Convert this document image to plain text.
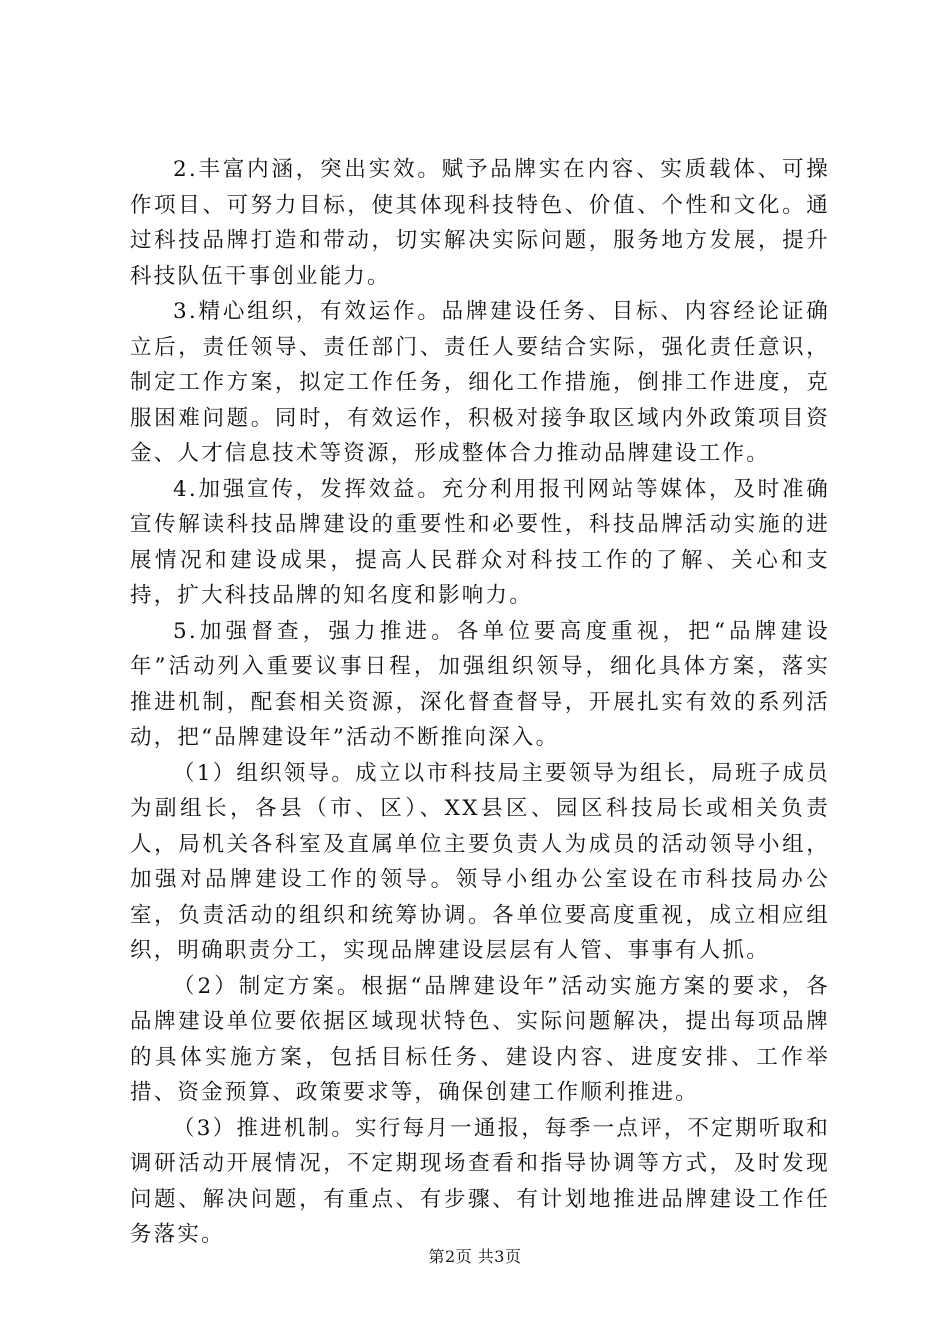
2.丰富内涵，突出实效。赋予品牌实在内容、实质载体、可操作项目、可努力目标，使其体现科技特色、价值、个性和文化。通过科技品牌打造和带动，切实解决实际问题，服务地方发展，提升科技队伍干事创业能力。

3.精心组织，有效运作。品牌建设任务、目标、内容经论证确立后，责任领导、责任部门、责任人要结合实际，强化责任意识，制定工作方案，拟定工作任务，细化工作措施，倒排工作进度，克服困难问题。同时，有效运作，积极对接争取区域内外政策项目资金、人才信息技术等资源，形成整体合力推动品牌建设工作。

4.加强宣传，发挥效益。充分利用报刊网站等媒体，及时准确宣传解读科技品牌建设的重要性和必要性，科技品牌活动实施的进展情况和建设成果，提高人民群众对科技工作的了解、关心和支持，扩大科技品牌的知名度和影响力。

5.加强督查，强力推进。各单位要高度重视，把“品牌建设年”活动列入重要议事日程，加强组织领导，细化具体方案，落实推进机制，配套相关资源，深化督查督导，开展扎实有效的系列活动，把“品牌建设年”活动不断推向深入。

（1）组织领导。成立以市科技局主要领导为组长，局班子成员为副组长，各县（市、区）、XX县区、园区科技局长或相关负责人，局机关各科室及直属单位主要负责人为成员的活动领导小组，加强对品牌建设工作的领导。领导小组办公室设在市科技局办公室，负责活动的组织和统筹协调。各单位要高度重视，成立相应组织，明确职责分工，实现品牌建设层层有人管、事事有人抓。

（2）制定方案。根据“品牌建设年”活动实施方案的要求，各品牌建设单位要依据区域现状特色、实际问题解决，提出每项品牌的具体实施方案，包括目标任务、建设内容、进度安排、工作举措、资金预算、政策要求等，确保创建工作顺利推进。

（3）推进机制。实行每月一通报，每季一点评，不定期听取和调研活动开展情况，不定期现场查看和指导协调等方式，及时发现问题、解决问题，有重点、有步骤、有计划地推进品牌建设工作任务落实。

第2页 共3页
